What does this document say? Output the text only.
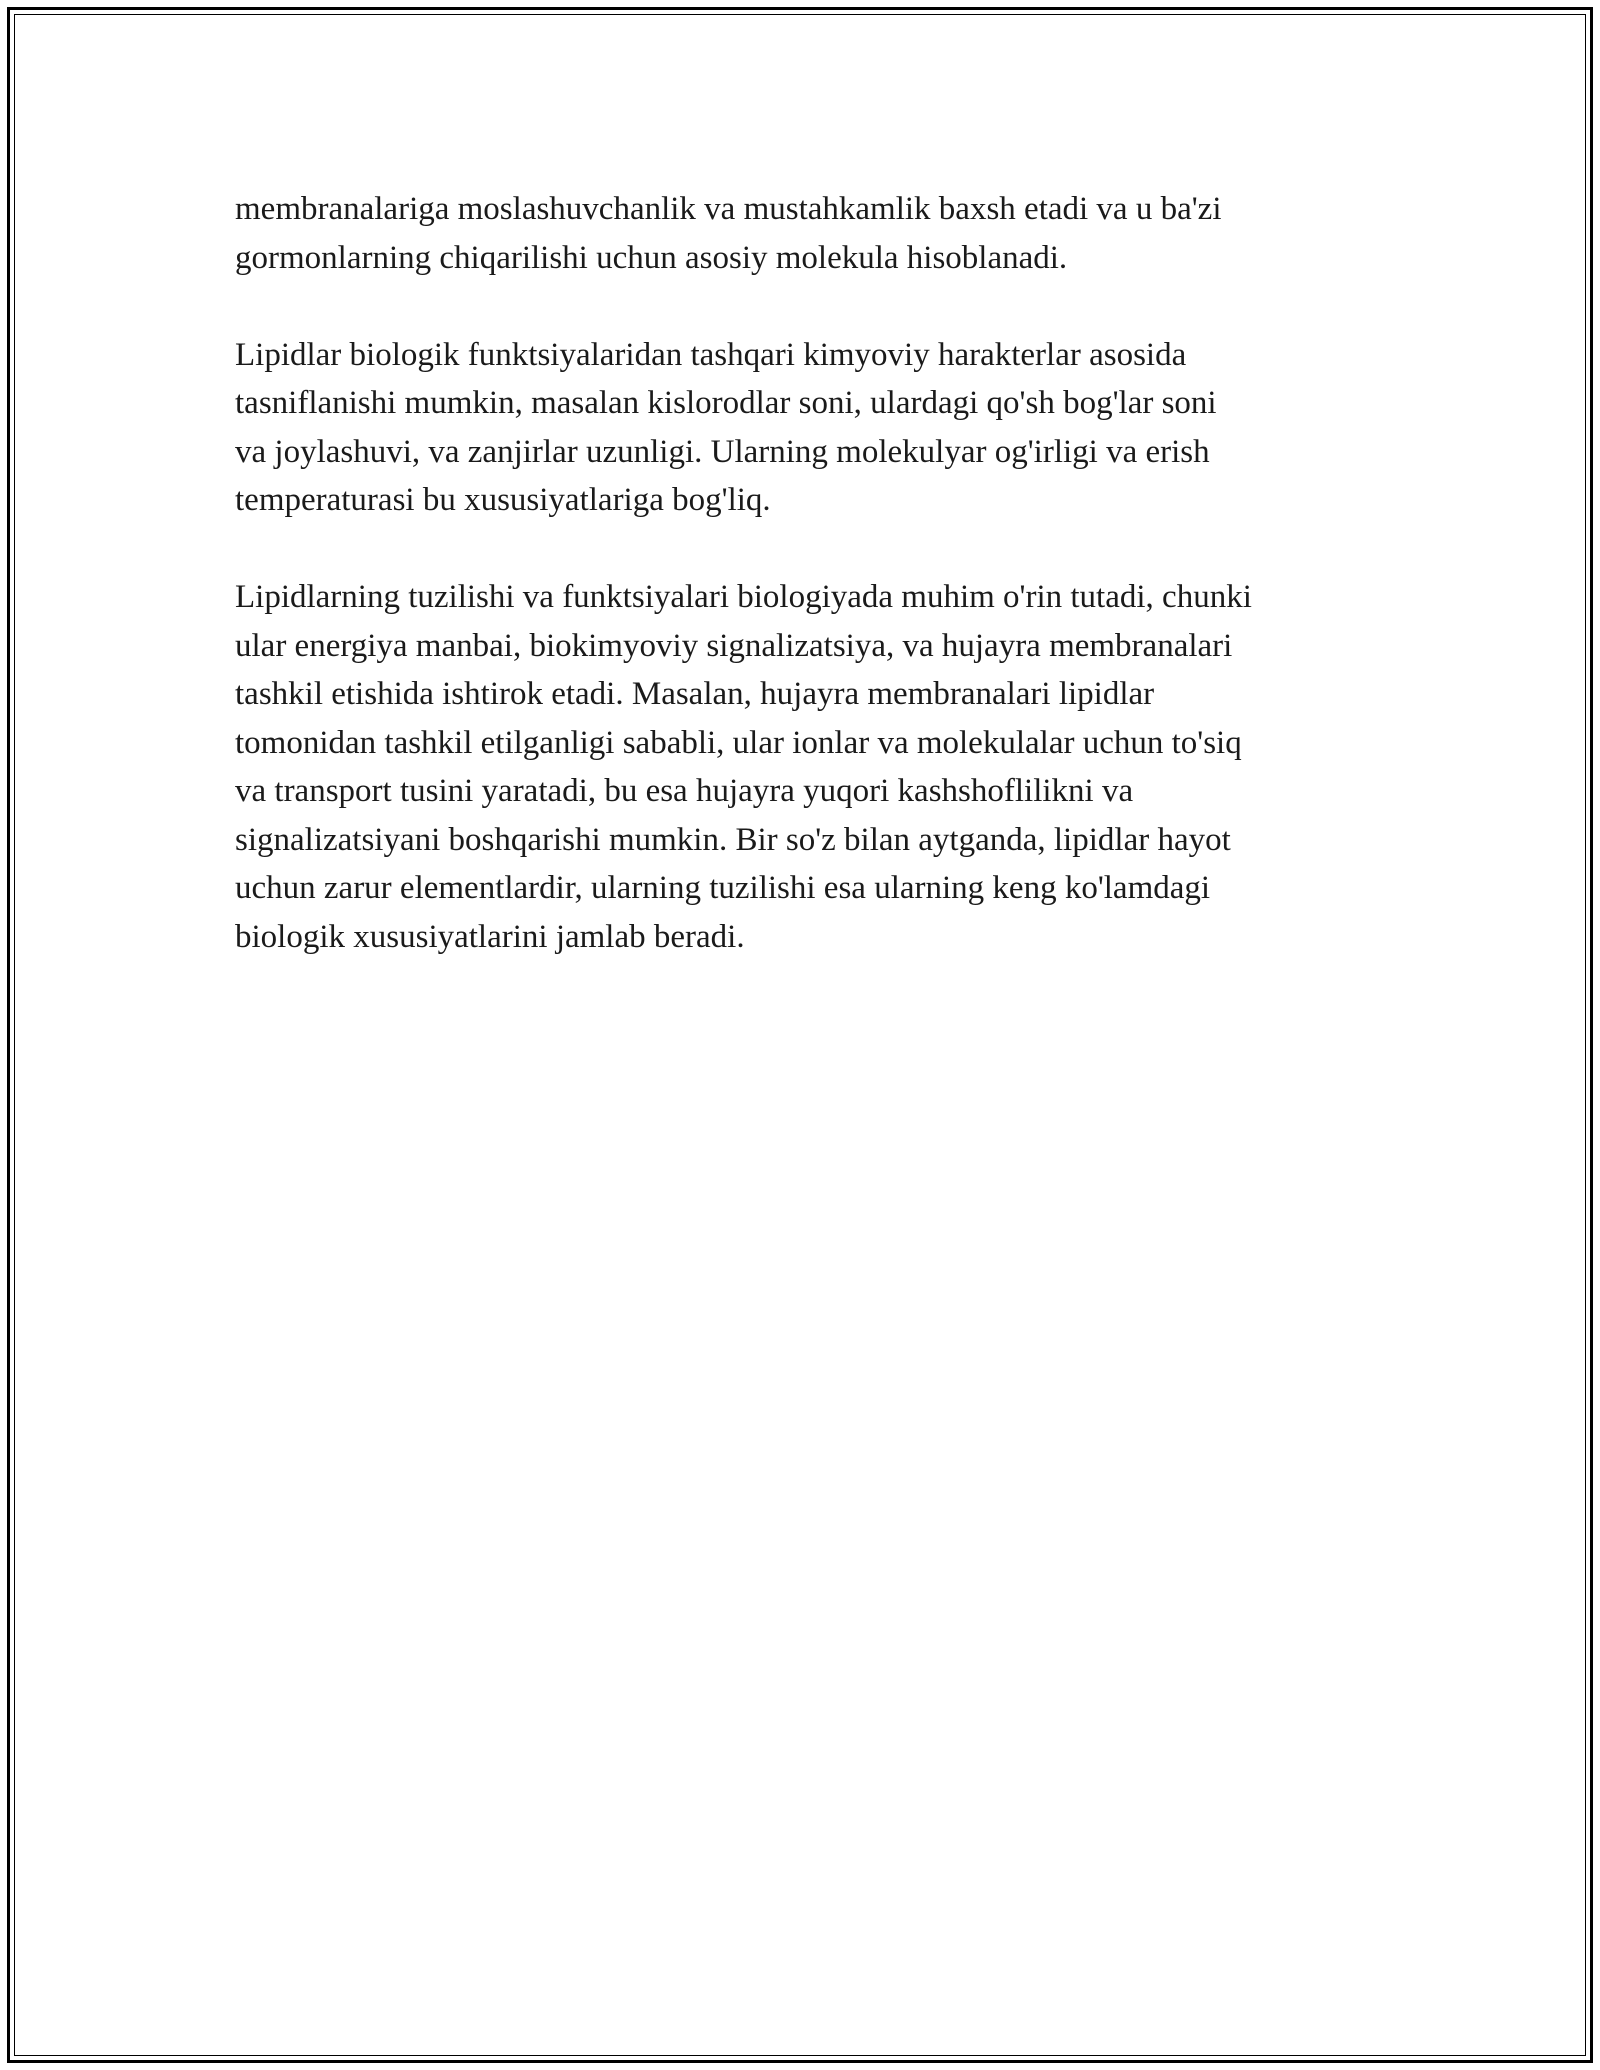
membranalariga moslashuvchanlik va mustahkamlik baxsh etadi va u ba'zi
gormonlarning chiqarilishi uchun asosiy molekula hisoblanadi.

Lipidlar biologik funktsiyalaridan tashqari kimyoviy harakterlar asosida
tasniflanishi mumkin, masalan kislorodlar soni, ulardagi qo'sh bog'lar soni
va joylashuvi, va zanjirlar uzunligi. Ularning molekulyar og'irligi va erish
temperaturasi bu xususiyatlariga bog'liq.

Lipidlarning tuzilishi va funktsiyalari biologiyada muhim o'rin tutadi, chunki
ular energiya manbai, biokimyoviy signalizatsiya, va hujayra membranalari
tashkil etishida ishtirok etadi. Masalan, hujayra membranalari lipidlar
tomonidan tashkil etilganligi sababli, ular ionlar va molekulalar uchun to'siq
va transport tusini yaratadi, bu esa hujayra yuqori kashshoflilikni va
signalizatsiyani boshqarishi mumkin. Bir so'z bilan aytganda, lipidlar hayot
uchun zarur elementlardir, ularning tuzilishi esa ularning keng ko'lamdagi
biologik xususiyatlarini jamlab beradi.
